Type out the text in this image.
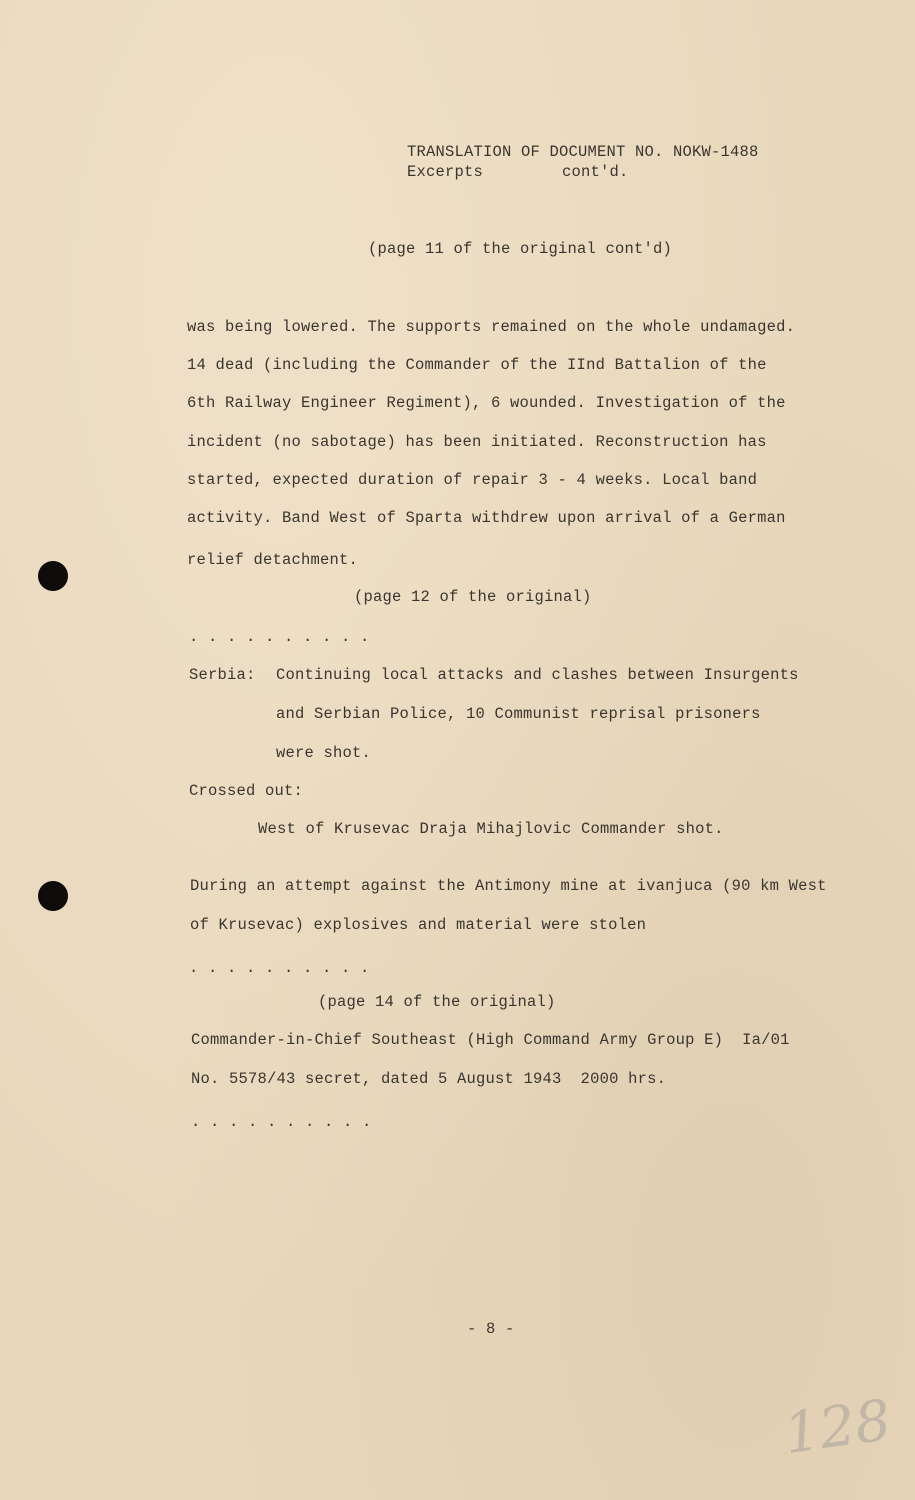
TRANSLATION OF DOCUMENT NO. NOKW-1488
Excerpts	cont'd.
(page 11 of the original cont'd)
was being lowered. The supports remained on the whole undamaged.
14 dead (including the Commander of the IInd Battalion of the
6th Railway Engineer Regiment), 6 wounded. Investigation of the
incident (no sabotage) has been initiated. Reconstruction has
started, expected duration of repair 3 - 4 weeks. Local band
activity. Band West of Sparta withdrew upon arrival of a German
relief detachment.
(page 12 of the original)
. . . . . . . . . .
Serbia: Continuing local attacks and clashes between Insurgents
and Serbian Police, 10 Communist reprisal prisoners
were shot.
Crossed out:
West of Krusevac Draja Mihajlovic Commander shot.
During an attempt against the Antimony mine at ivanjuca (90 km West
of Krusevac) explosives and material were stolen
. . . . . . . . . .
(page 14 of the original)
Commander-in-Chief Southeast (High Command Army Group E)  Ia/01
No. 5578/43 secret, dated 5 August 1943  2000 hrs.
. . . . . . . . . .
- 8 -
128
